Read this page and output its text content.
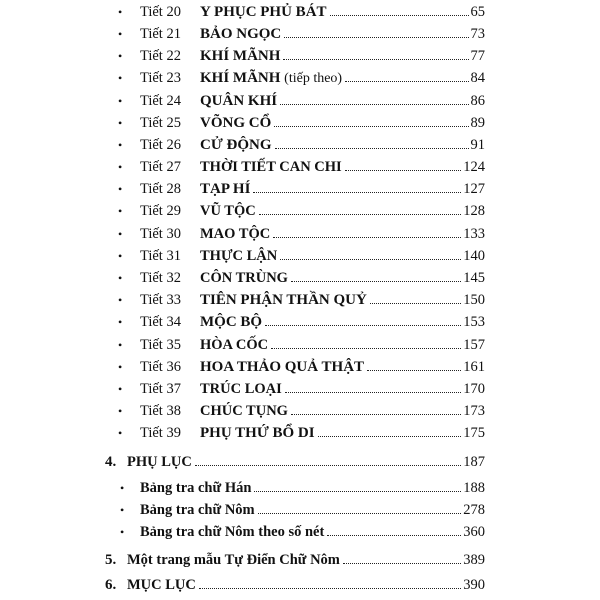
•	Tiết 20	Y PHỤC PHỦ BÁT	65
•	Tiết 21	BẢO NGỌC	73
•	Tiết 22	KHÍ MÃNH	77
•	Tiết 23	KHÍ MÃNH (tiếp theo)	84
•	Tiết 24	QUÂN KHÍ	86
•	Tiết 25	VÕNG CỔ	89
•	Tiết 26	CỬ ĐỘNG	91
•	Tiết 27	THỜI TIẾT CAN CHI	124
•	Tiết 28	TẠP HÍ	127
•	Tiết 29	VŨ TỘC	128
•	Tiết 30	MAO TỘC	133
•	Tiết 31	THỰC LẬN	140
•	Tiết 32	CÔN TRÙNG	145
•	Tiết 33	TIÊN PHẬN THẦN QUỶ	150
•	Tiết 34	MỘC BỘ	153
•	Tiết 35	HÒA CỐC	157
•	Tiết 36	HOA THẢO QUẢ THẬT	161
•	Tiết 37	TRÚC LOẠI	170
•	Tiết 38	CHÚC TỤNG	173
•	Tiết 39	PHỤ THỨ BỔ DI	175
4. PHỤ LỤC	187
•	Bảng tra chữ Hán	188
•	Bảng tra chữ Nôm	278
•	Bảng tra chữ Nôm theo số nét	360
5. Một trang mẫu Tự Điển Chữ Nôm	389
6. MỤC LỤC	390
